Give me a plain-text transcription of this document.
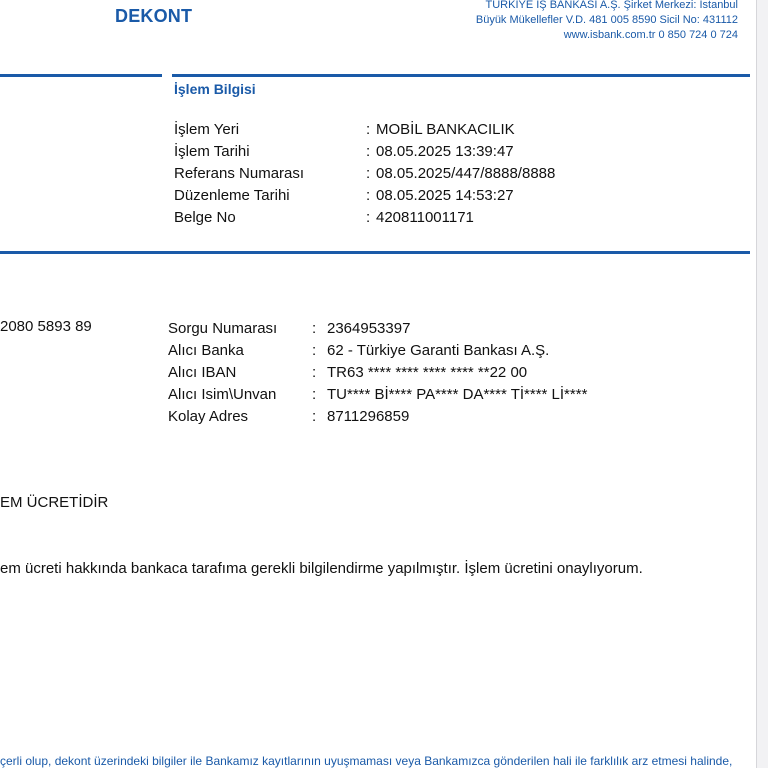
DEKONT
TÜRKİYE İŞ BANKASI A.Ş. Şirket Merkezi: İstanbul
Büyük Mükellefler V.D. 481 005 8590 Sicil No: 431112
www.isbank.com.tr 0 850 724 0 724
İşlem Bilgisi
İşlem Yeri	: MOBİL BANKACILIK
İşlem Tarihi	: 08.05.2025 13:39:47
Referans Numarası	: 08.05.2025/447/8888/8888
Düzenleme Tarihi	: 08.05.2025 14:53:27
Belge No	: 420811001171
2080 5893 89	Sorgu Numarası : 2364953397
Alıcı Banka	: 62 - Türkiye Garanti Bankası A.Ş.
Alıcı IBAN	: TR63 **** **** **** **** **22 00
Alıcı Isim\Unvan : TU**** Bİ**** PA**** DA**** Tİ**** Lİ****
Kolay Adres	: 8711296859
EM ÜCRETİDİR
em ücreti hakkında bankaca tarafıma gerekli bilgilendirme yapılmıştır. İşlem ücretini onaylıyorum.
çerli olup, dekont üzerindeki bilgiler ile Bankamız kayıtlarının uyuşmaması veya Bankamızca gönderilen hali ile farklılık arz etmesi halinde,
